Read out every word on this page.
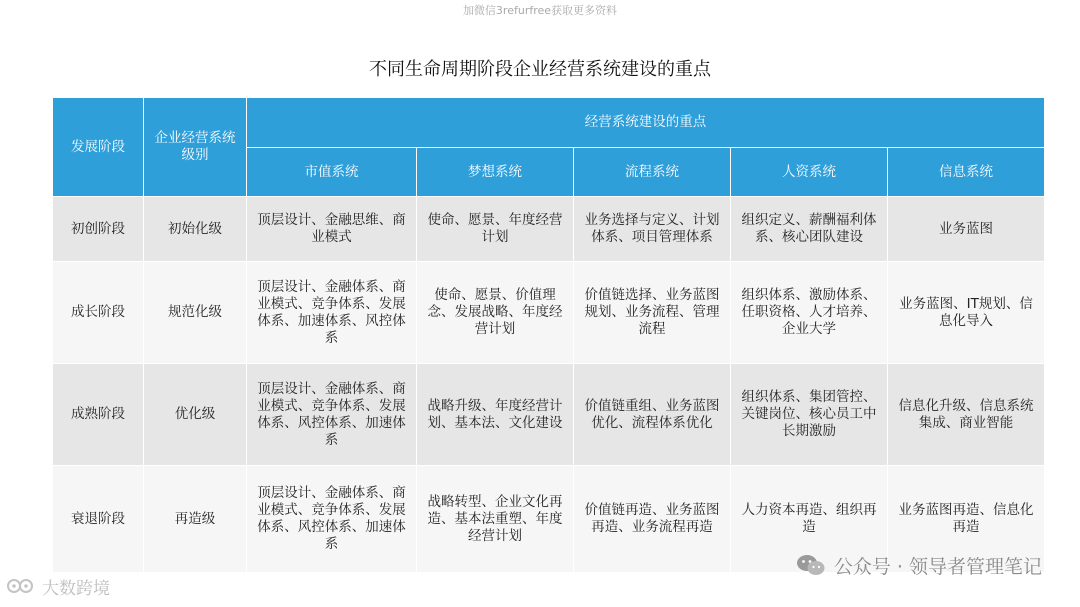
加微信3refurfree获取更多资料
不同生命周期阶段企业经营系统建设的重点
发展阶段	企业经营系统级别	经营系统建设的重点				
		市值系统	梦想系统	流程系统	人资系统	信息系统
初创阶段	初始化级	顶层设计、金融思维、商业模式	使命、愿景、年度经营计划	业务选择与定义、计划体系、项目管理体系	组织定义、薪酬福利体系、核心团队建设	业务蓝图
成长阶段	规范化级	顶层设计、金融体系、商业模式、竞争体系、发展体系、加速体系、风控体系	使命、愿景、价值理念、发展战略、年度经营计划	价值链选择、业务蓝图规划、业务流程、管理流程	组织体系、激励体系、任职资格、人才培养、企业大学	业务蓝图、IT规划、信息化导入
成熟阶段	优化级	顶层设计、金融体系、商业模式、竞争体系、发展体系、风控体系、加速体系	战略升级、年度经营计划、基本法、文化建设	价值链重组、业务蓝图优化、流程体系优化	组织体系、集团管控、关键岗位、核心员工中长期激励	信息化升级、信息系统集成、商业智能
衰退阶段	再造级	顶层设计、金融体系、商业模式、竞争体系、发展体系、风控体系、加速体系	战略转型、企业文化再造、基本法重塑、年度经营计划	价值链再造、业务蓝图再造、业务流程再造	人力资本再造、组织再造	业务蓝图再造、信息化再造
大数跨境
公众号 · 领导者管理笔记
